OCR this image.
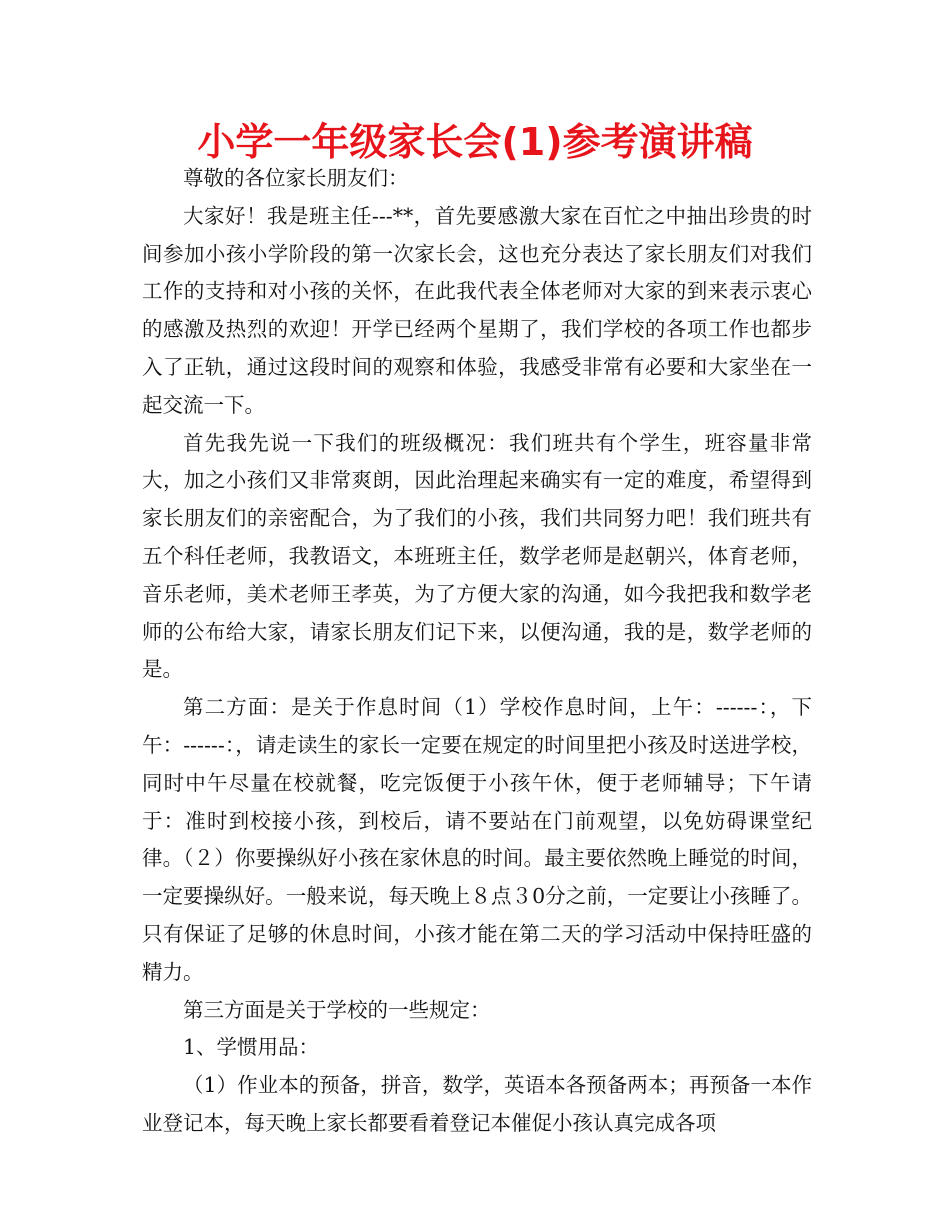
小学一年级家长会(1)参考演讲稿

尊敬的各位家长朋友们：

大家好！我是班主任---**，首先要感激大家在百忙之中抽出珍贵的时间参加小孩小学阶段的第一次家长会，这也充分表达了家长朋友们对我们工作的支持和对小孩的关怀，在此我代表全体老师对大家的到来表示衷心的感激及热烈的欢迎！开学已经两个星期了，我们学校的各项工作也都步入了正轨，通过这段时间的观察和体验，我感受非常有必要和大家坐在一起交流一下。

首先我先说一下我们的班级概况：我们班共有个学生，班容量非常大，加之小孩们又非常爽朗，因此治理起来确实有一定的难度，希望得到家长朋友们的亲密配合，为了我们的小孩，我们共同努力吧！我们班共有五个科任老师，我教语文，本班班主任，数学老师是赵朝兴，体育老师，音乐老师，美术老师王孝英，为了方便大家的沟通，如今我把我和数学老师的公布给大家，请家长朋友们记下来，以便沟通，我的是，数学老师的是。

第二方面：是关于作息时间（1）学校作息时间，上午：------：，下午：------：，请走读生的家长一定要在规定的时间里把小孩及时送进学校，同时中午尽量在校就餐，吃完饭便于小孩午休，便于老师辅导；下午请于：准时到校接小孩，到校后，请不要站在门前观望，以免妨碍课堂纪律。（２）你要操纵好小孩在家休息的时间。最主要依然晚上睡觉的时间，一定要操纵好。一般来说，每天晚上８点３0分之前，一定要让小孩睡了。只有保证了足够的休息时间，小孩才能在第二天的学习活动中保持旺盛的精力。

第三方面是关于学校的一些规定：

1、学惯用品：

（1）作业本的预备，拼音，数学，英语本各预备两本；再预备一本作业登记本，每天晚上家长都要看着登记本催促小孩认真完成各项
